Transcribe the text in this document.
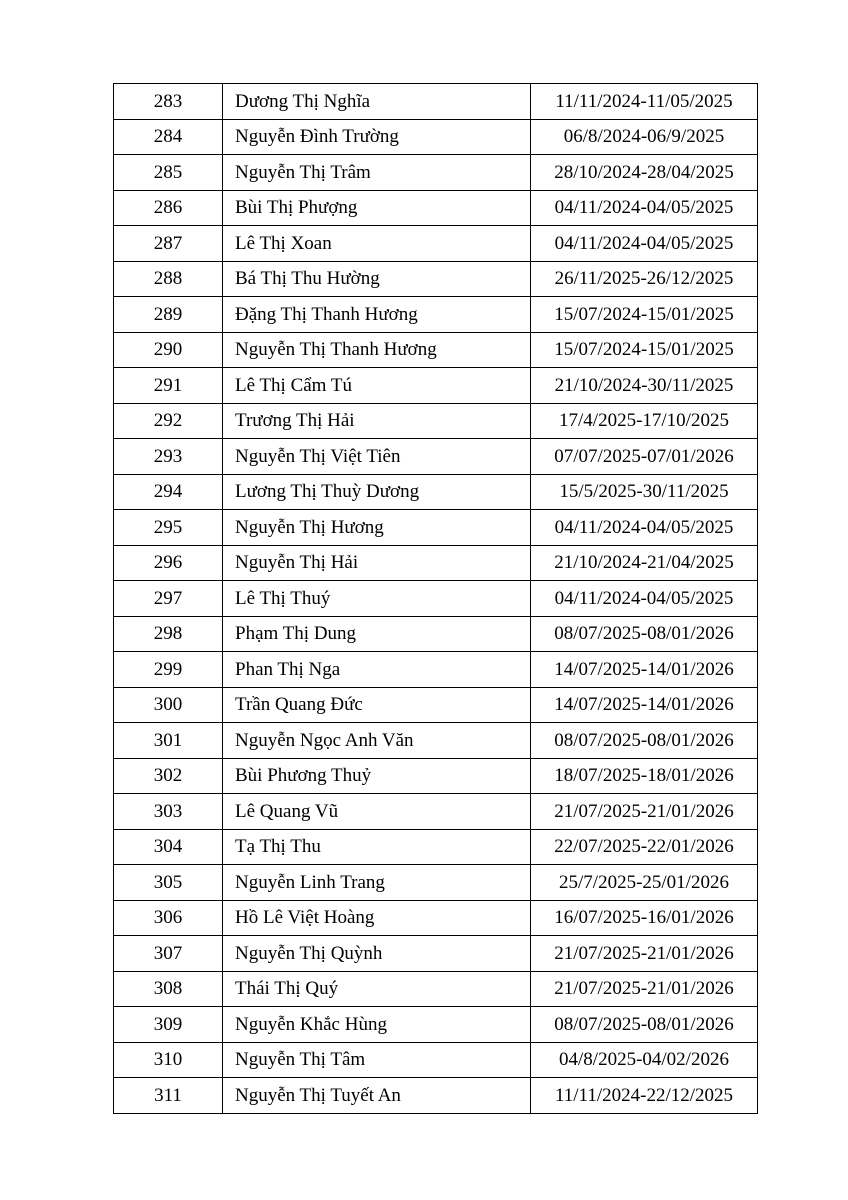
283	Dương Thị Nghĩa	11/11/2024-11/05/2025
284	Nguyễn Đình Trường	06/8/2024-06/9/2025
285	Nguyễn Thị Trâm	28/10/2024-28/04/2025
286	Bùi Thị Phượng	04/11/2024-04/05/2025
287	Lê Thị Xoan	04/11/2024-04/05/2025
288	Bá Thị Thu Hường	26/11/2025-26/12/2025
289	Đặng Thị Thanh Hương	15/07/2024-15/01/2025
290	Nguyễn Thị Thanh Hương	15/07/2024-15/01/2025
291	Lê Thị Cẩm Tú	21/10/2024-30/11/2025
292	Trương Thị Hải	17/4/2025-17/10/2025
293	Nguyễn Thị Việt Tiên	07/07/2025-07/01/2026
294	Lương Thị Thuỳ Dương	15/5/2025-30/11/2025
295	Nguyễn Thị Hương	04/11/2024-04/05/2025
296	Nguyễn Thị Hải	21/10/2024-21/04/2025
297	Lê Thị Thuý	04/11/2024-04/05/2025
298	Phạm Thị Dung	08/07/2025-08/01/2026
299	Phan Thị Nga	14/07/2025-14/01/2026
300	Trần Quang Đức	14/07/2025-14/01/2026
301	Nguyễn Ngọc Anh Văn	08/07/2025-08/01/2026
302	Bùi Phương Thuỷ	18/07/2025-18/01/2026
303	Lê Quang Vũ	21/07/2025-21/01/2026
304	Tạ Thị Thu	22/07/2025-22/01/2026
305	Nguyễn Linh Trang	25/7/2025-25/01/2026
306	Hồ Lê Việt Hoàng	16/07/2025-16/01/2026
307	Nguyễn Thị Quỳnh	21/07/2025-21/01/2026
308	Thái Thị Quý	21/07/2025-21/01/2026
309	Nguyễn Khắc Hùng	08/07/2025-08/01/2026
310	Nguyễn Thị Tâm	04/8/2025-04/02/2026
311	Nguyễn Thị Tuyết An	11/11/2024-22/12/2025
